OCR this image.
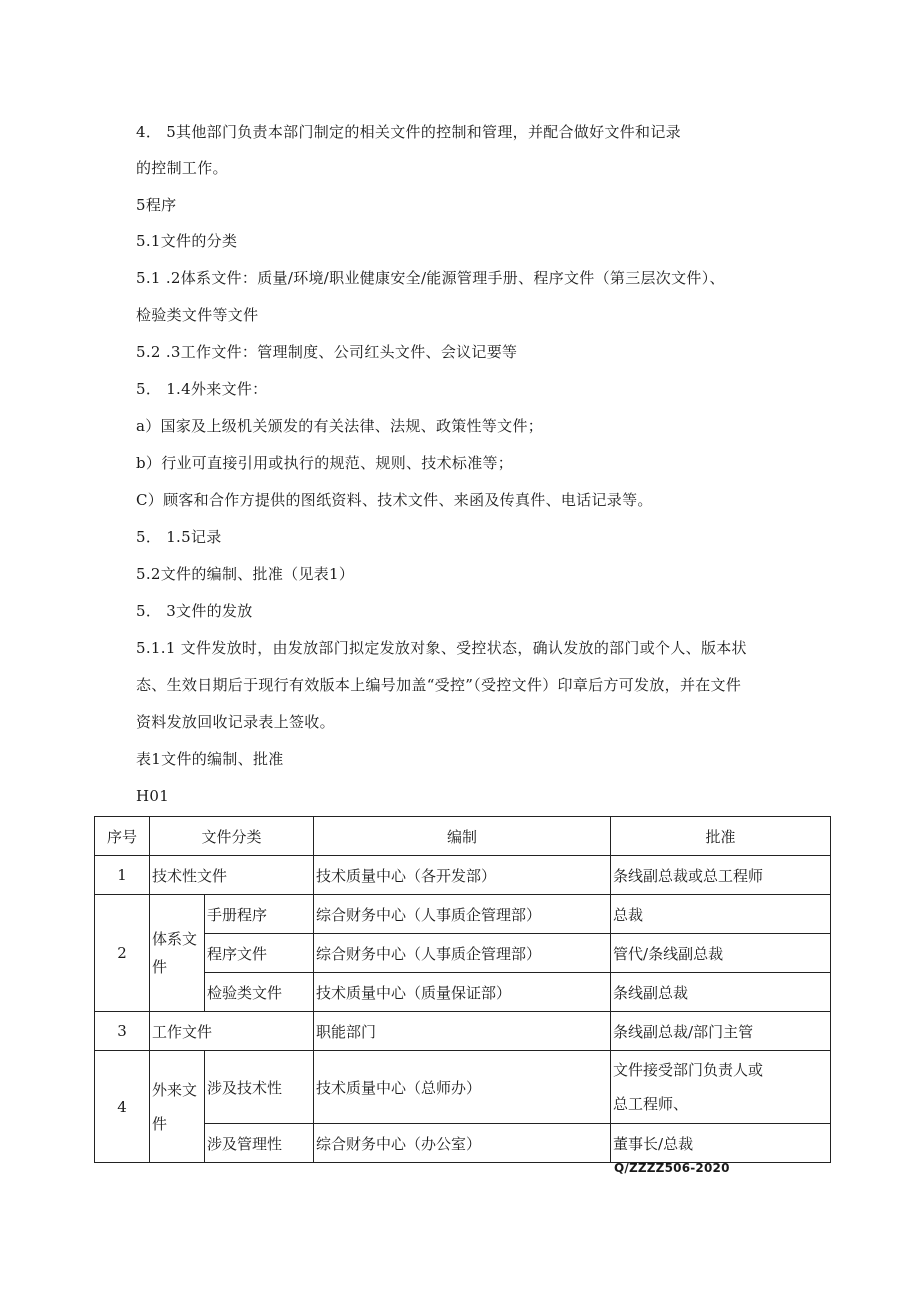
4． 5其他部门负责本部门制定的相关文件的控制和管理，并配合做好文件和记录
的控制工作。
5程序
5.1文件的分类
5.1 .2体系文件：质量/环境/职业健康安全/能源管理手册、程序文件（第三层次文件）、
检验类文件等文件
5.2 .3工作文件：管理制度、公司红头文件、会议记要等
5． 1.4外来文件：
a）国家及上级机关颁发的有关法律、法规、政策性等文件；
b）行业可直接引用或执行的规范、规则、技术标准等；
C）顾客和合作方提供的图纸资料、技术文件、来函及传真件、电话记录等。
5． 1.5记录
5.2文件的编制、批准（见表1）
5． 3文件的发放
5.1.1 文件发放时，由发放部门拟定发放对象、受控状态，确认发放的部门或个人、版本状
态、生效日期后于现行有效版本上编号加盖“受控”（受控文件）印章后方可发放，并在文件
资料发放回收记录表上签收。
表1文件的编制、批准
H01
序号	文件分类		编制	批准
1	技术性文件		技术质量中心（各开发部）	条线副总裁或总工程师
2	体系文件	手册程序	综合财务中心（人事质企管理部）	总裁
		程序文件	综合财务中心（人事质企管理部）	管代/条线副总裁
		检验类文件	技术质量中心（质量保证部）	条线副总裁
3	工作文件		职能部门	条线副总裁/部门主管
4	外来文件	涉及技术性	技术质量中心（总师办）	文件接受部门负责人或
总工程师、

		涉及管理性	综合财务中心（办公室）	董事长/总裁
Q/ZZZZ506-2020
